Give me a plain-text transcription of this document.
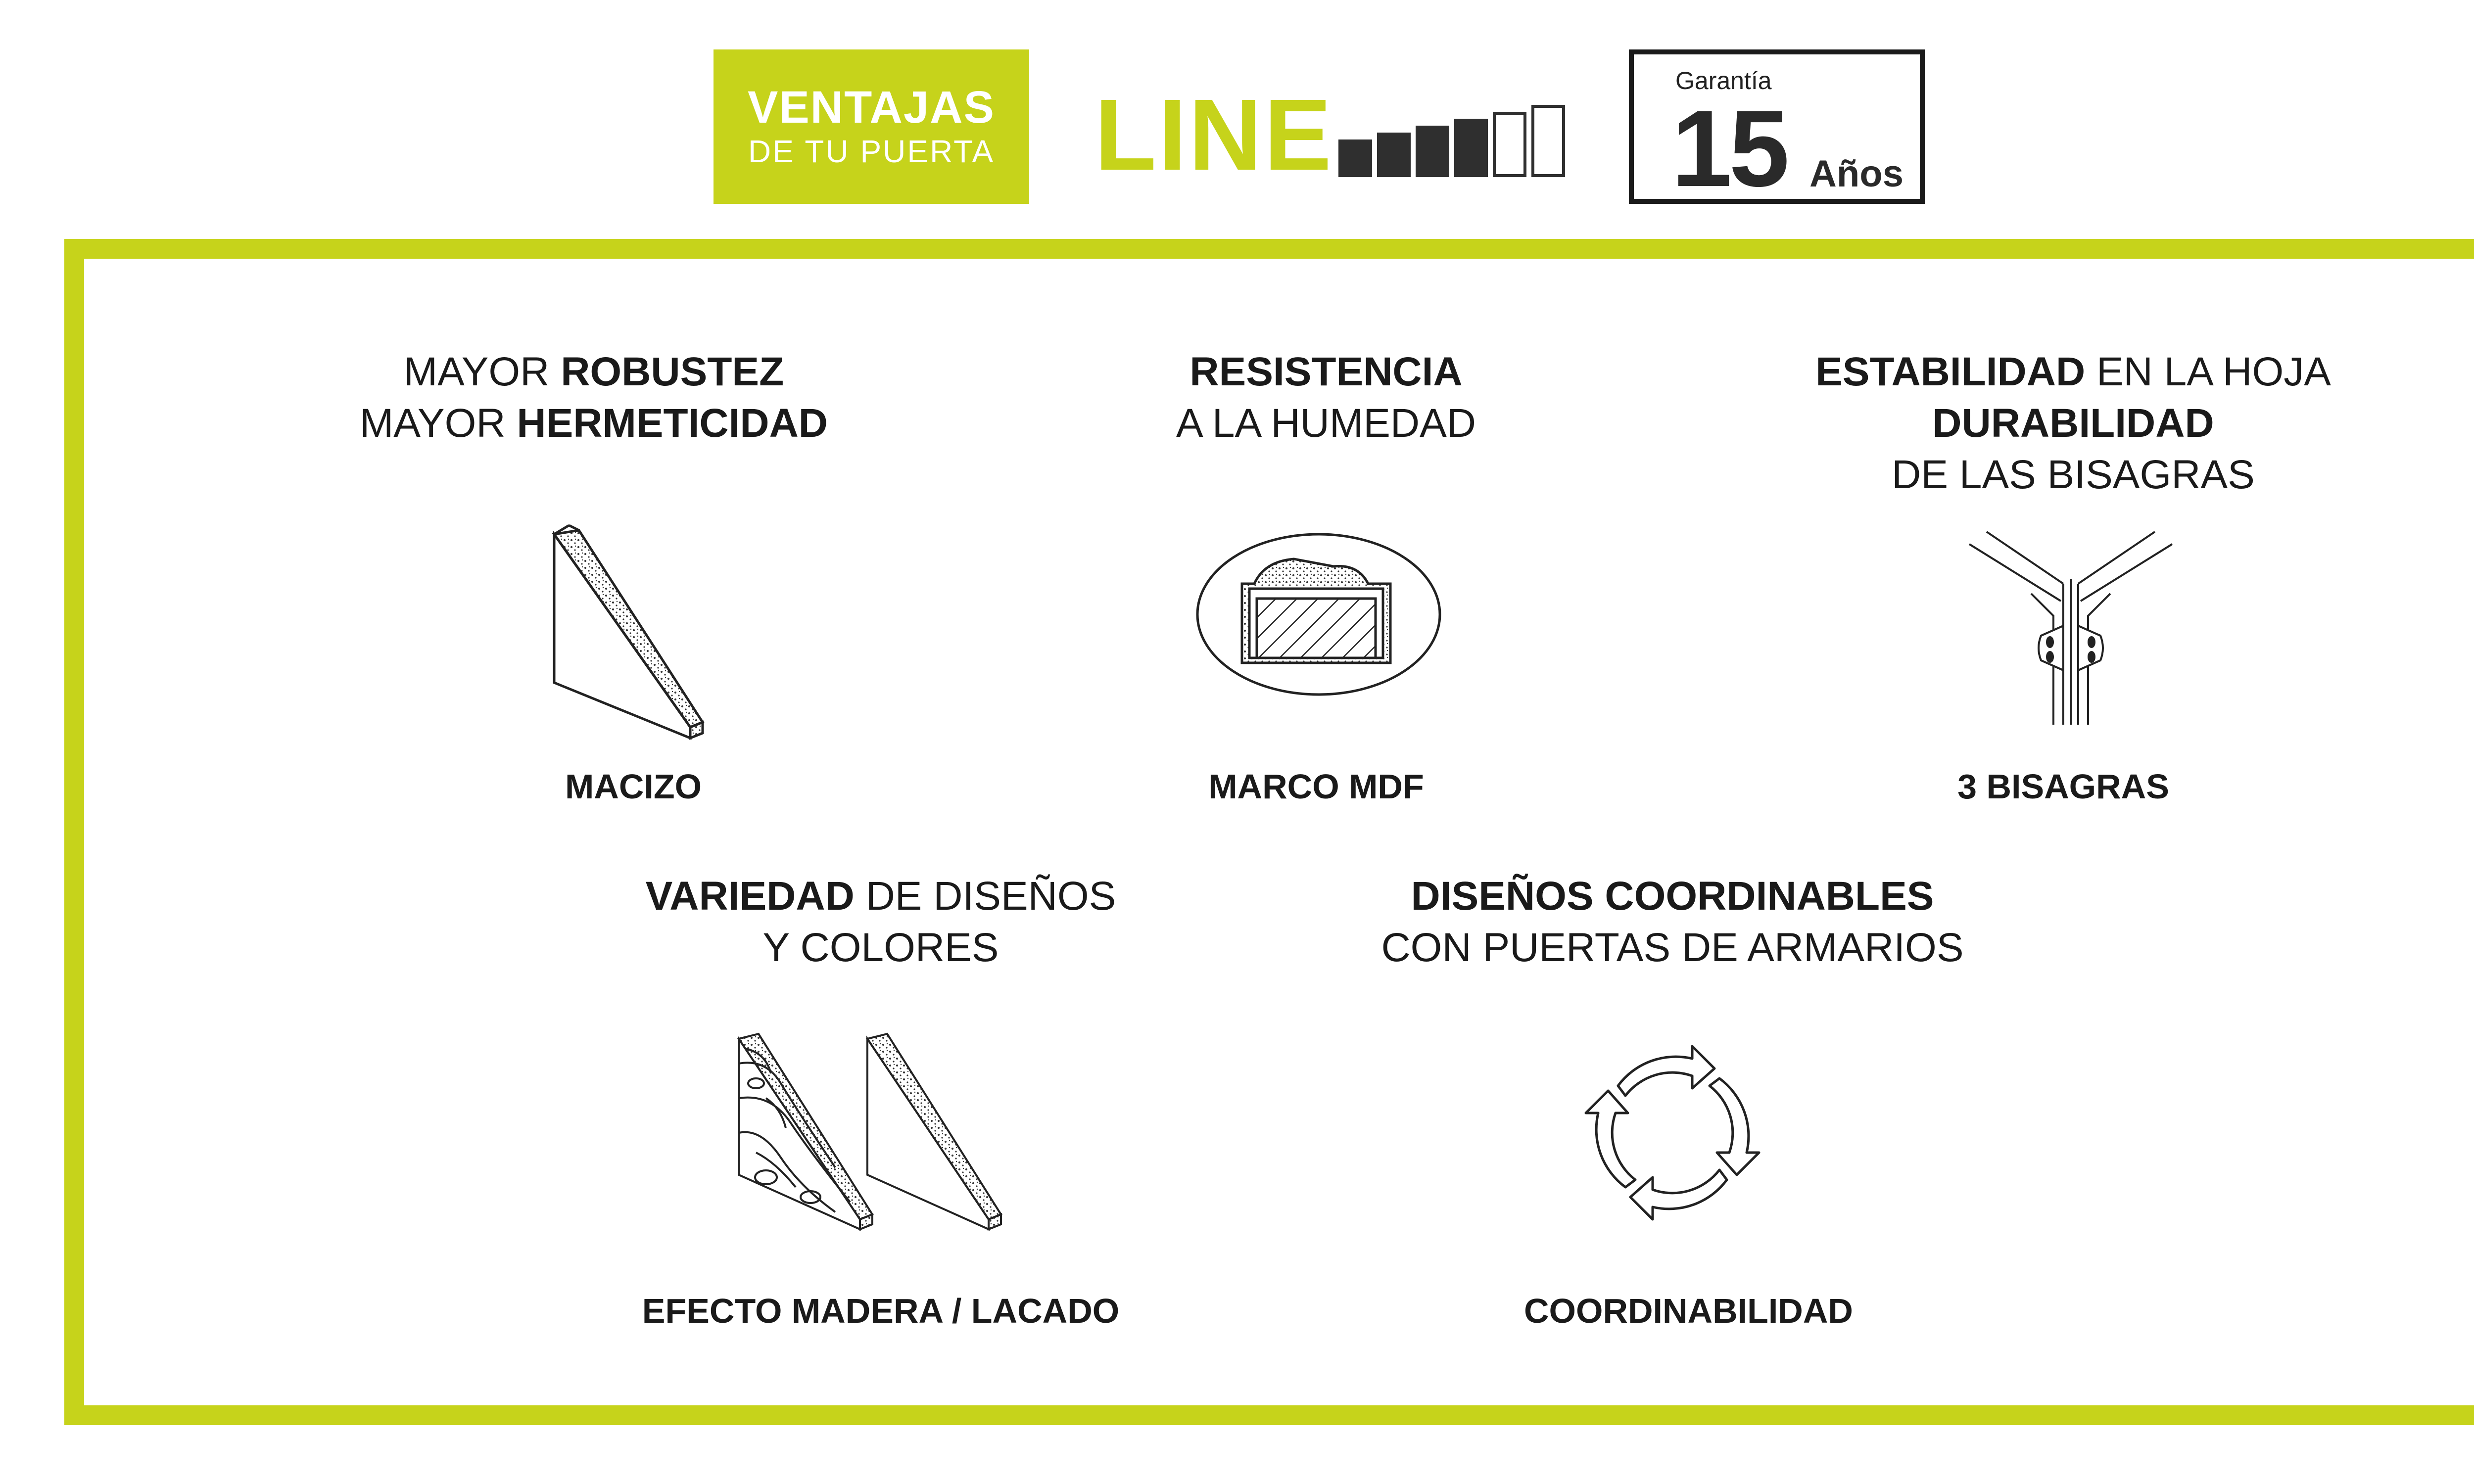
VENTAJAS
DE TU PUERTA LINE	Garantía
15 Años
MAYOR ROBUSTEZ
MAYOR HERMETICIDAD
MACIZO
RESISTENCIA
A LA HUMEDAD
MARCO MDF
ESTABILIDAD EN LA HOJA
DURABILIDAD
DE LAS BISAGRAS
3 BISAGRAS
VARIEDAD DE DISEÑOS
Y COLORES
EFECTO MADERA / LACADO
DISEÑOS COORDINABLES
CON PUERTAS DE ARMARIOS
COORDINABILIDAD
